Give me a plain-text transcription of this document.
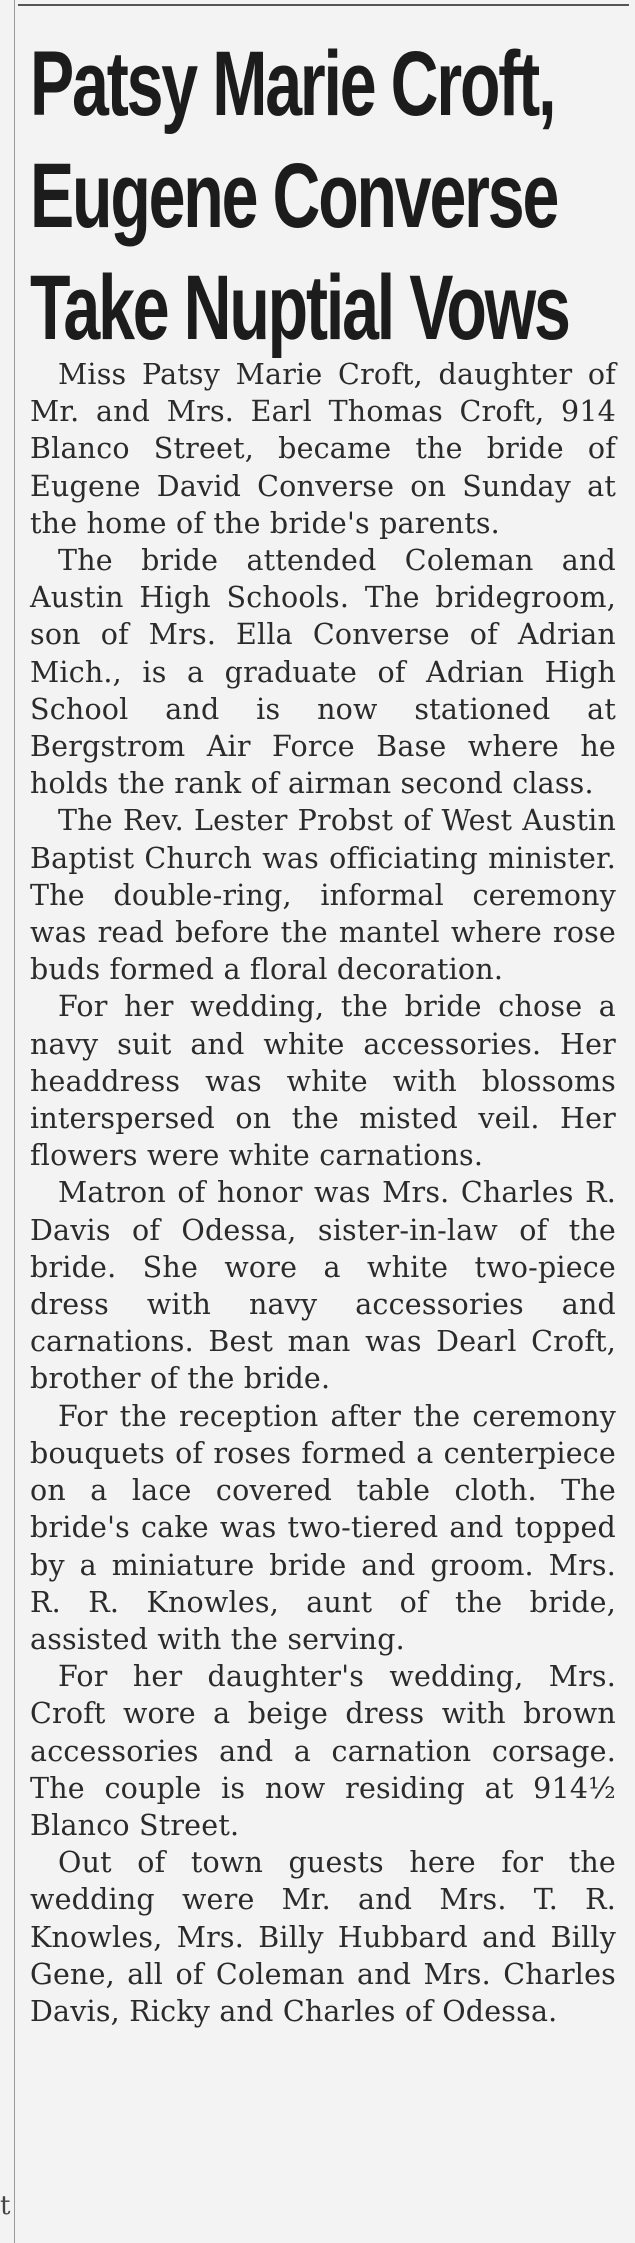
Patsy Marie Croft,
Eugene Converse
Take Nuptial Vows

Miss Patsy Marie Croft, daughter of Mr. and Mrs. Earl Thomas Croft, 914 Blanco Street, became the bride of Eugene David Converse on Sunday at the home of the bride's parents.

The bride attended Coleman and Austin High Schools. The bridegroom, son of Mrs. Ella Converse of Adrian Mich., is a graduate of Adrian High School and is now stationed at Bergstrom Air Force Base where he holds the rank of airman second class.

The Rev. Lester Probst of West Austin Baptist Church was officiating minister. The double-ring, informal ceremony was read before the mantel where rose buds formed a floral decoration.

For her wedding, the bride chose a navy suit and white accessories. Her headdress was white with blossoms interspersed on the misted veil. Her flowers were white carnations.

Matron of honor was Mrs. Charles R. Davis of Odessa, sister-in-law of the bride. She wore a white two-piece dress with navy accessories and carnations. Best man was Dearl Croft, brother of the bride.

For the reception after the ceremony bouquets of roses formed a centerpiece on a lace covered table cloth. The bride's cake was two-tiered and topped by a miniature bride and groom. Mrs. R. R. Knowles, aunt of the bride, assisted with the serving.

For her daughter's wedding, Mrs. Croft wore a beige dress with brown accessories and a carnation corsage. The couple is now residing at 914½ Blanco Street.

Out of town guests here for the wedding were Mr. and Mrs. T. R. Knowles, Mrs. Billy Hubbard and Billy Gene, all of Coleman and Mrs. Charles Davis, Ricky and Charles of Odessa.

t
